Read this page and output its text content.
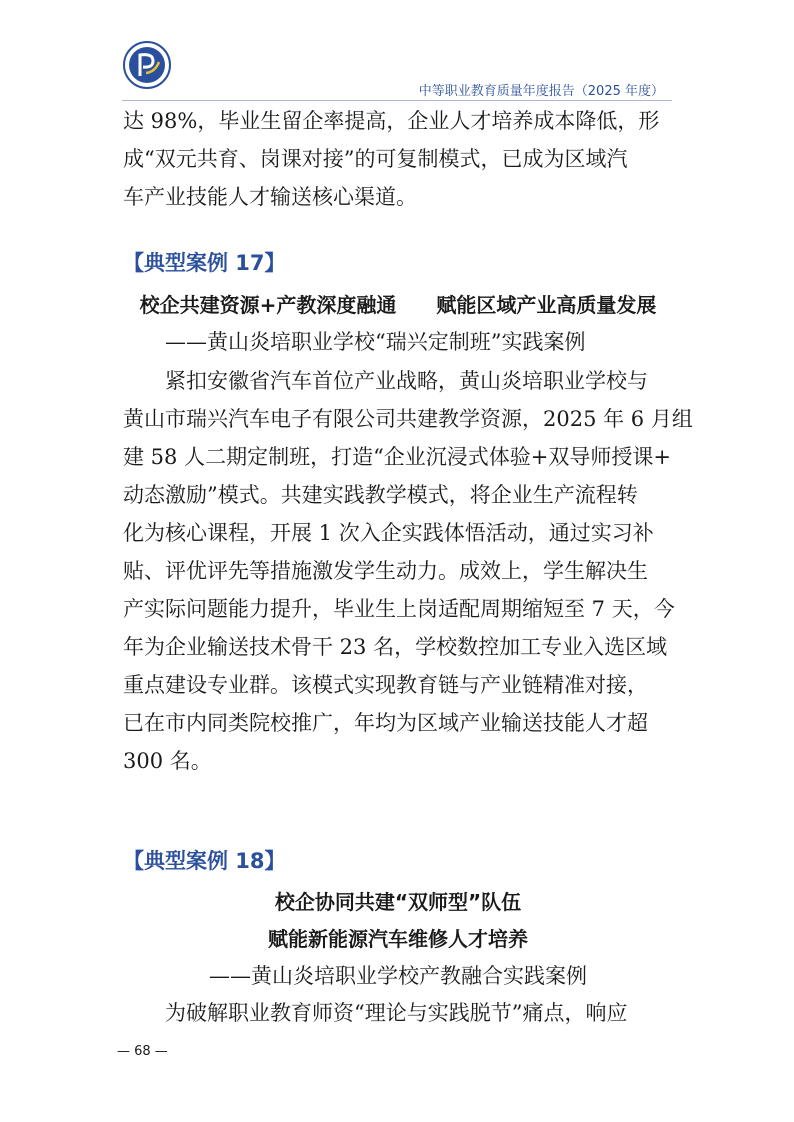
中等职业教育质量年度报告（2025 年度）
达 98%，毕业生留企率提高，企业人才培养成本降低，形
成“双元共育、岗课对接”的可复制模式，已成为区域汽
车产业技能人才输送核心渠道。
【典型案例 17】
校企共建资源+产教深度融通　　赋能区域产业高质量发展
——黄山炎培职业学校“瑞兴定制班”实践案例
紧扣安徽省汽车首位产业战略，黄山炎培职业学校与
黄山市瑞兴汽车电子有限公司共建教学资源，2025 年 6 月组
建 58 人二期定制班，打造“企业沉浸式体验+双导师授课+
动态激励”模式。共建实践教学模式，将企业生产流程转
化为核心课程，开展 1 次入企实践体悟活动，通过实习补
贴、评优评先等措施激发学生动力。成效上，学生解决生
产实际问题能力提升，毕业生上岗适配周期缩短至 7 天，今
年为企业输送技术骨干 23 名，学校数控加工专业入选区域
重点建设专业群。该模式实现教育链与产业链精准对接，
已在市内同类院校推广，年均为区域产业输送技能人才超
300 名。
【典型案例 18】
校企协同共建“双师型”队伍
赋能新能源汽车维修人才培养
——黄山炎培职业学校产教融合实践案例
为破解职业教育师资“理论与实践脱节”痛点，响应
— 68 —
